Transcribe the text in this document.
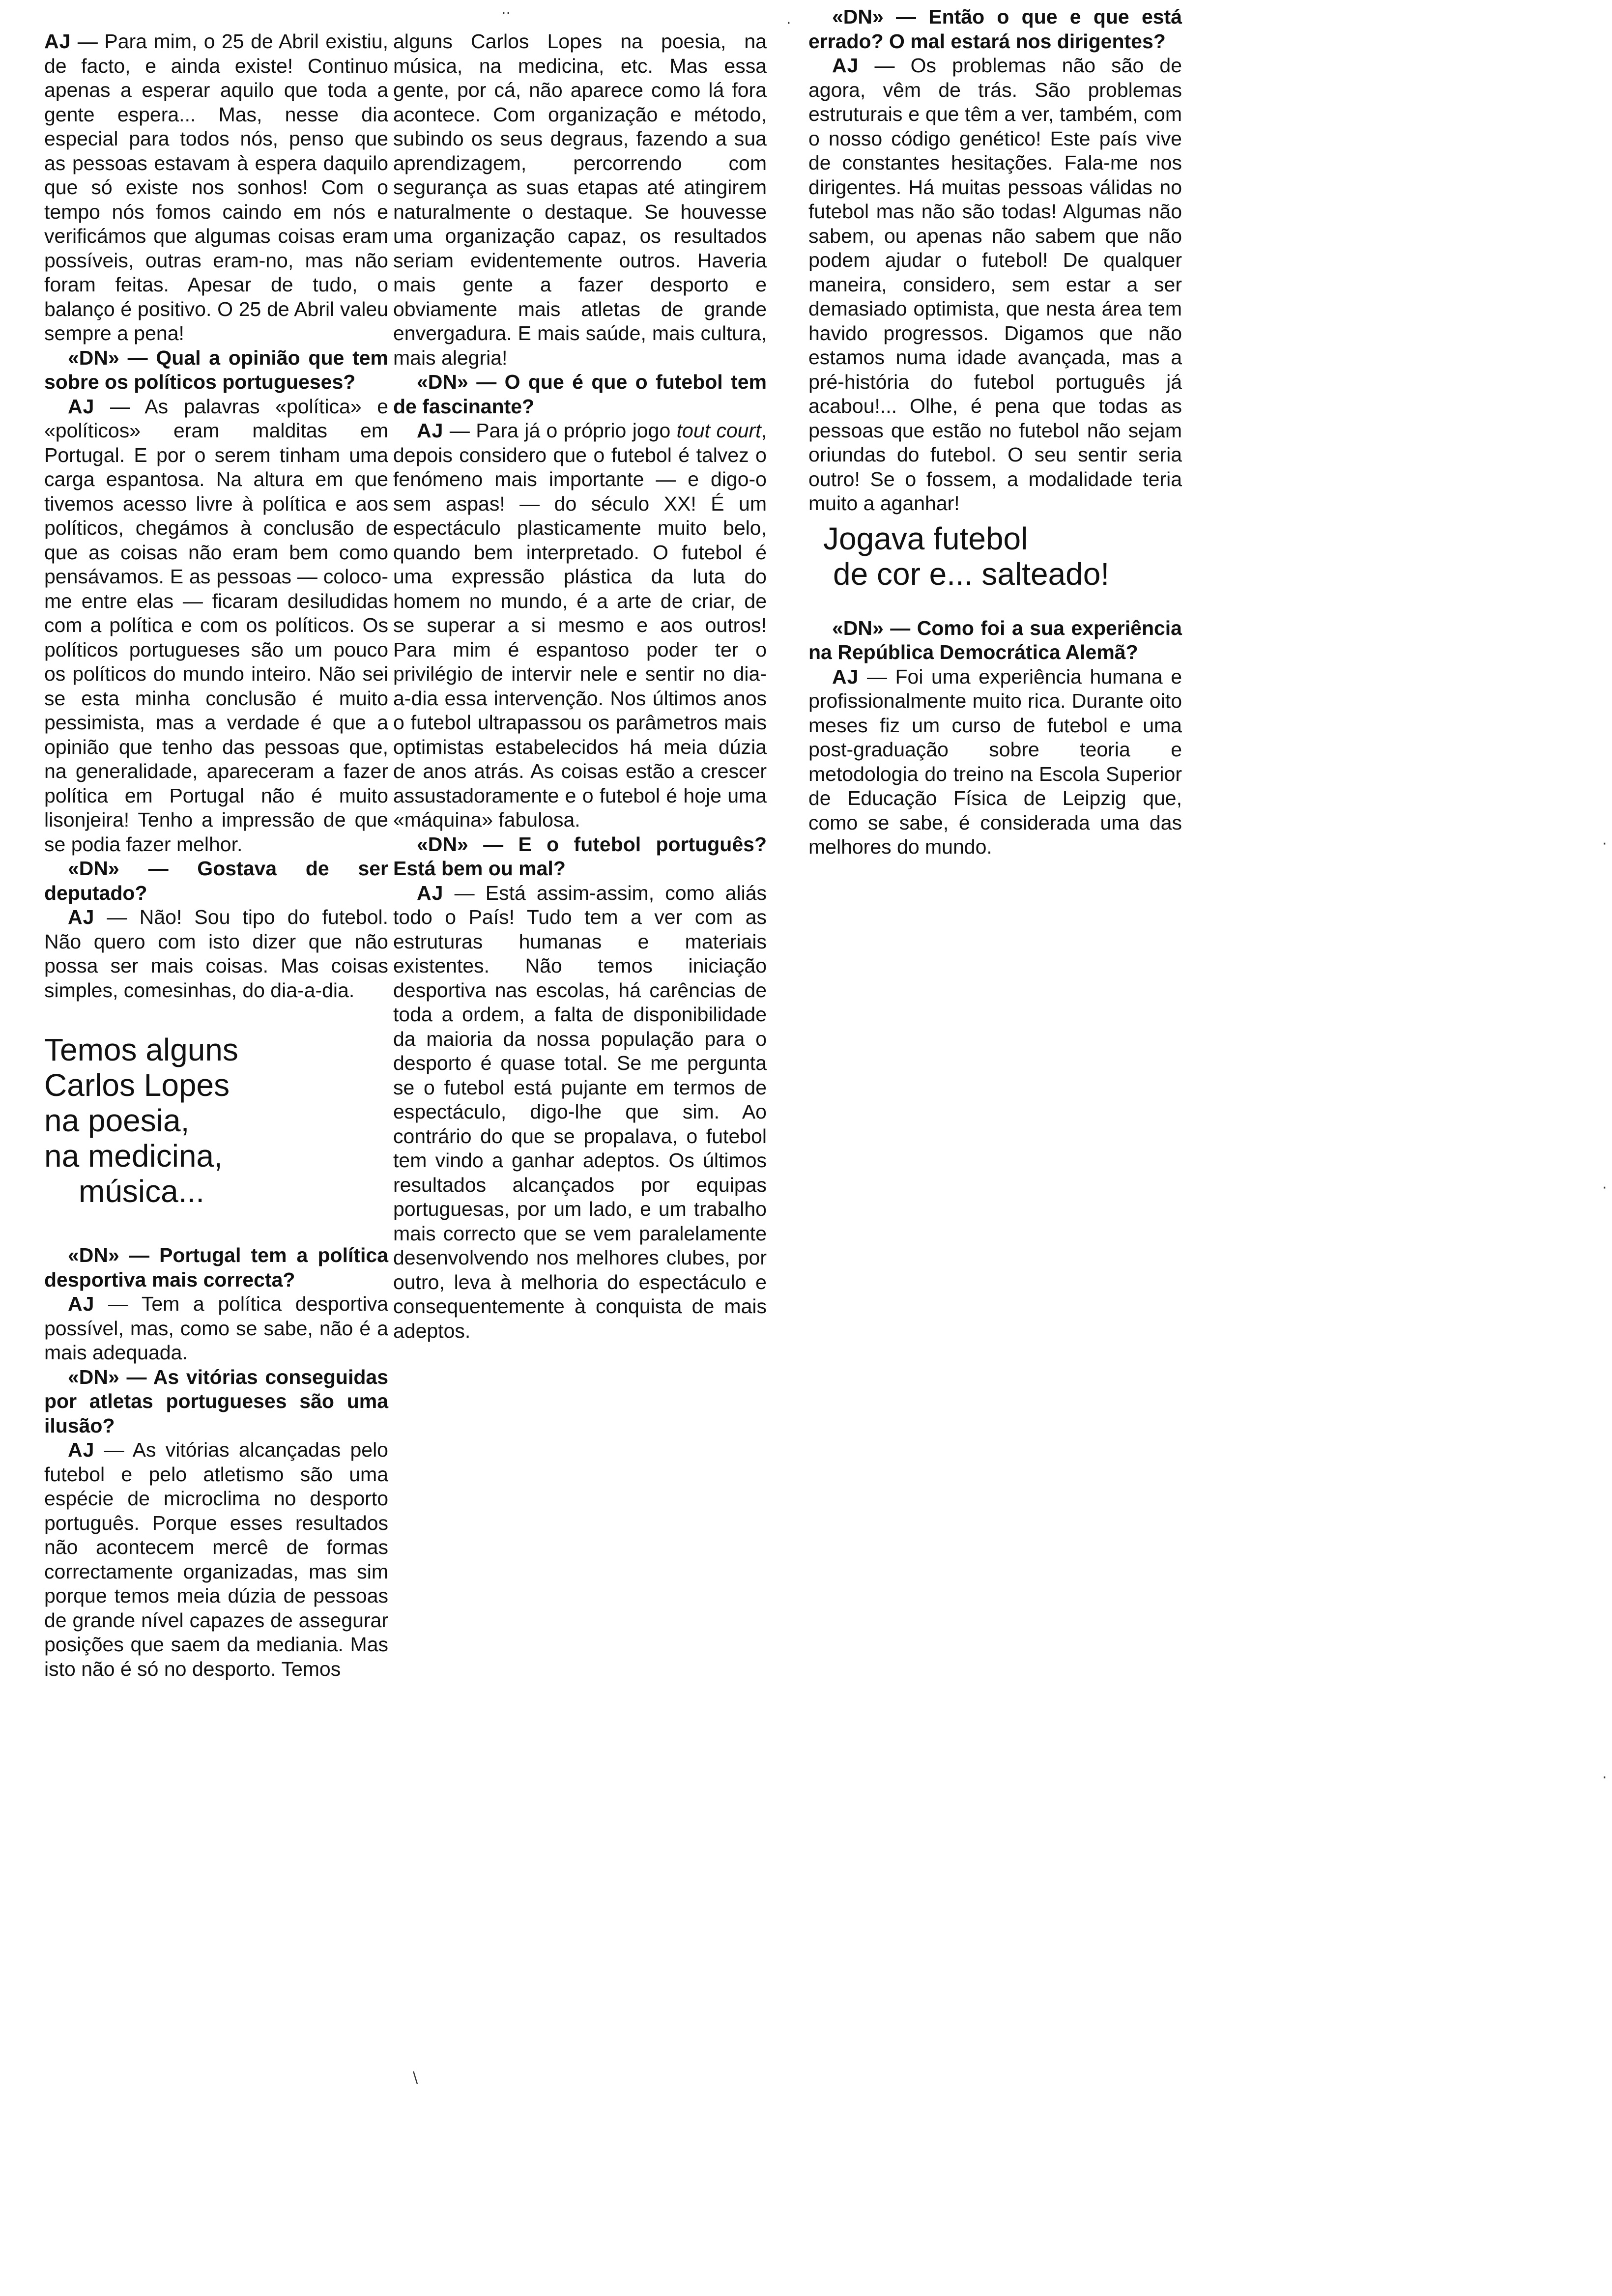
AJ — Para mim, o 25 de Abril existiu, de facto, e ainda existe! Continuo apenas a esperar aquilo que toda a gente espera... Mas, nesse dia especial para todos nós, penso que as pessoas estavam à espera daquilo que só existe nos sonhos! Com o tempo nós fomos caindo em nós e verificámos que algumas coisas eram possíveis, outras eram-no, mas não foram feitas. Apesar de tudo, o balanço é positivo. O 25 de Abril valeu sempre a pena!

«DN» — Qual a opinião que tem sobre os políticos portugueses?

AJ — As palavras «política» e «políticos» eram malditas em Portugal. E por o serem tinham uma carga espantosa. Na altura em que tivemos acesso livre à política e aos políticos, chegámos à conclusão de que as coisas não eram bem como pensávamos. E as pessoas — coloco-me entre elas — ficaram desiludidas com a política e com os políticos. Os políticos portugueses são um pouco os políticos do mundo inteiro. Não sei se esta minha conclusão é muito pessimista, mas a verdade é que a opinião que tenho das pessoas que, na generalidade, apareceram a fazer política em Portugal não é muito lisonjeira! Tenho a impressão de que se podia fazer melhor.

«DN» — Gostava de ser deputado?

AJ — Não! Sou tipo do futebol. Não quero com isto dizer que não possa ser mais coisas. Mas coisas simples, comesinhas, do dia-a-dia.

Temos alguns
Carlos Lopes
na poesia,
na medicina,
música...

«DN» — Portugal tem a política desportiva mais correcta?

AJ — Tem a política desportiva possível, mas, como se sabe, não é a mais adequada.

«DN» — As vitórias conseguidas por atletas portugueses são uma ilusão?

AJ — As vitórias alcançadas pelo futebol e pelo atletismo são uma espécie de microclima no desporto português. Porque esses resultados não acontecem mercê de formas correctamente organizadas, mas sim porque temos meia dúzia de pessoas de grande nível capazes de assegurar posições que saem da mediania. Mas isto não é só no desporto. Temos

alguns Carlos Lopes na poesia, na música, na medicina, etc. Mas essa gente, por cá, não aparece como lá fora acontece. Com organização e método, subindo os seus degraus, fazendo a sua aprendizagem, percorrendo com segurança as suas etapas até atingirem naturalmente o destaque. Se houvesse uma organização capaz, os resultados seriam evidentemente outros. Haveria mais gente a fazer desporto e obviamente mais atletas de grande envergadura. E mais saúde, mais cultura, mais alegria!

«DN» — O que é que o futebol tem de fascinante?

AJ — Para já o próprio jogo tout court, depois considero que o futebol é talvez o fenómeno mais importante — e digo-o sem aspas! — do século XX! É um espectáculo plasticamente muito belo, quando bem interpretado. O futebol é uma expressão plástica da luta do homem no mundo, é a arte de criar, de se superar a si mesmo e aos outros! Para mim é espantoso poder ter o privilégio de intervir nele e sentir no dia-a-dia essa intervenção. Nos últimos anos o futebol ultrapassou os parâmetros mais optimistas estabelecidos há meia dúzia de anos atrás. As coisas estão a crescer assustadoramente e o futebol é hoje uma «máquina» fabulosa.

«DN» — E o futebol português? Está bem ou mal?

AJ — Está assim-assim, como aliás todo o País! Tudo tem a ver com as estruturas humanas e materiais existentes. Não temos iniciação desportiva nas escolas, há carências de toda a ordem, a falta de disponibilidade da maioria da nossa população para o desporto é quase total. Se me pergunta se o futebol está pujante em termos de espectáculo, digo-lhe que sim. Ao contrário do que se propalava, o futebol tem vindo a ganhar adeptos. Os últimos resultados alcançados por equipas portuguesas, por um lado, e um trabalho mais correcto que se vem paralelamente desenvolvendo nos melhores clubes, por outro, leva à melhoria do espectáculo e consequentemente à conquista de mais adeptos.

«DN» — Então o que e que está errado? O mal estará nos dirigentes?

AJ — Os problemas não são de agora, vêm de trás. São problemas estruturais e que têm a ver, também, com o nosso código genético! Este país vive de constantes hesitações. Fala-me nos dirigentes. Há muitas pessoas válidas no futebol mas não são todas! Algumas não sabem, ou apenas não sabem que não podem ajudar o futebol! De qualquer maneira, considero, sem estar a ser demasiado optimista, que nesta área tem havido progressos. Digamos que não estamos numa idade avançada, mas a pré-história do futebol português já acabou!... Olhe, é pena que todas as pessoas que estão no futebol não sejam oriundas do futebol. O seu sentir seria outro! Se o fossem, a modalidade teria muito a aganhar!

Jogava futebol
de cor e... salteado!

«DN» — Como foi a sua experiência na República Democrática Alemã?

AJ — Foi uma experiência humana e profissionalmente muito rica. Durante oito meses fiz um curso de futebol e uma post-graduação sobre teoria e metodologia do treino na Escola Superior de Educação Física de Leipzig que, como se sabe, é considerada uma das melhores do mundo.

·
··
·
·
·
\
